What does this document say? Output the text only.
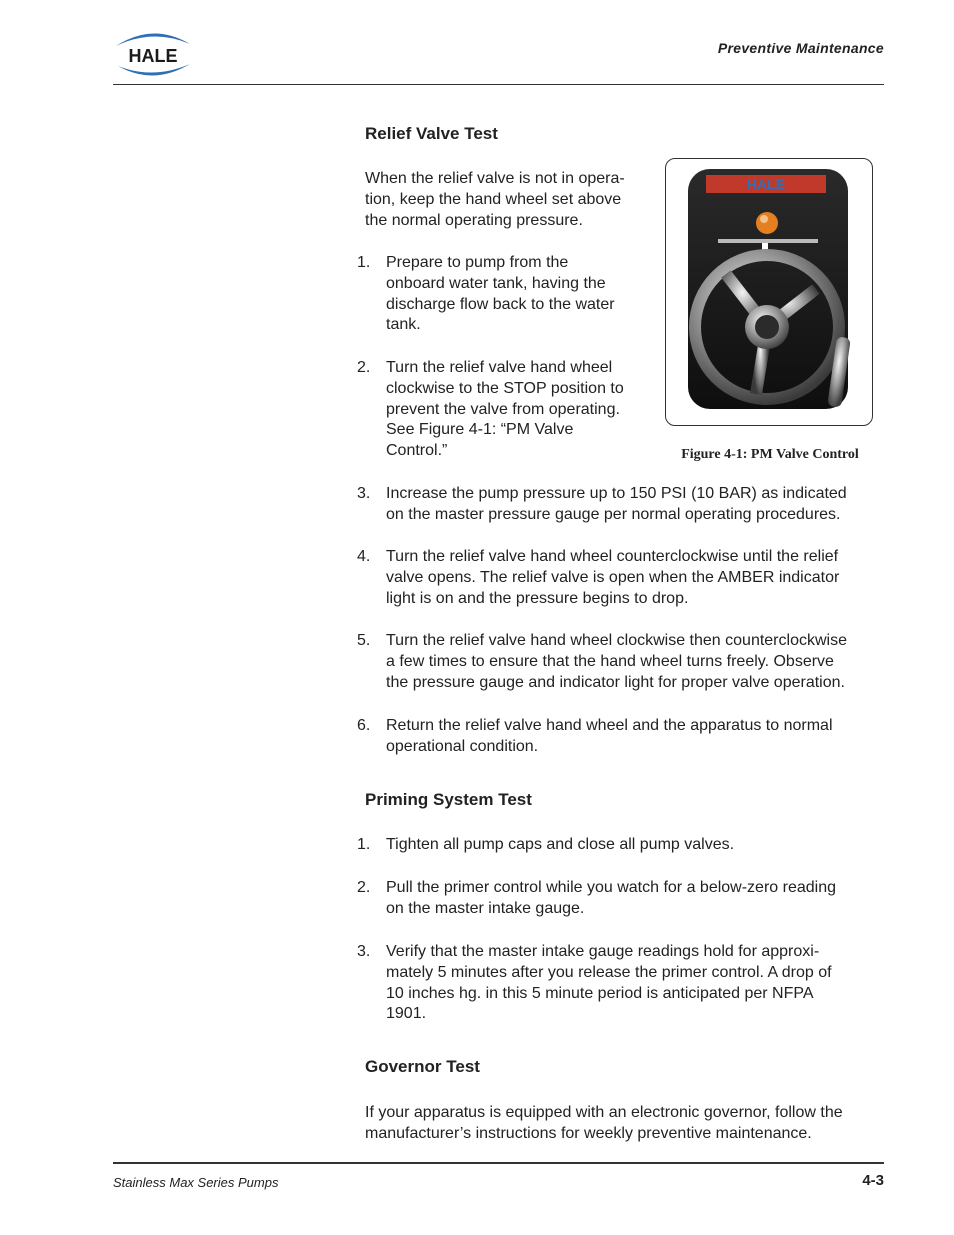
HALE	Preventive Maintenance
Relief Valve Test
When the relief valve is not in opera-
tion, keep the hand wheel set above
the normal operating pressure.
1. Prepare to pump from the
onboard water tank, having the
discharge flow back to the water
tank.
2. Turn the relief valve hand wheel
clockwise to the STOP position to
prevent the valve from operating.
See Figure 4-1: “PM Valve
Control.”
3. Increase the pump pressure up to 150 PSI (10 BAR) as indicated
on the master pressure gauge per normal operating procedures.
4. Turn the relief valve hand wheel counterclockwise until the relief
valve opens. The relief valve is open when the AMBER indicator
light is on and the pressure begins to drop.
5. Turn the relief valve hand wheel clockwise then counterclockwise
a few times to ensure that the hand wheel turns freely. Observe
the pressure gauge and indicator light for proper valve operation.
6. Return the relief valve hand wheel and the apparatus to normal
operational condition.
HALE
Figure 4-1: PM Valve Control
Priming System Test
1. Tighten all pump caps and close all pump valves.
2. Pull the primer control while you watch for a below-zero reading
on the master intake gauge.
3. Verify that the master intake gauge readings hold for approxi-
mately 5 minutes after you release the primer control. A drop of
10 inches hg. in this 5 minute period is anticipated per NFPA
1901.
Governor Test
If your apparatus is equipped with an electronic governor, follow the
manufacturer’s instructions for weekly preventive maintenance.
Stainless Max Series Pumps	4-3
